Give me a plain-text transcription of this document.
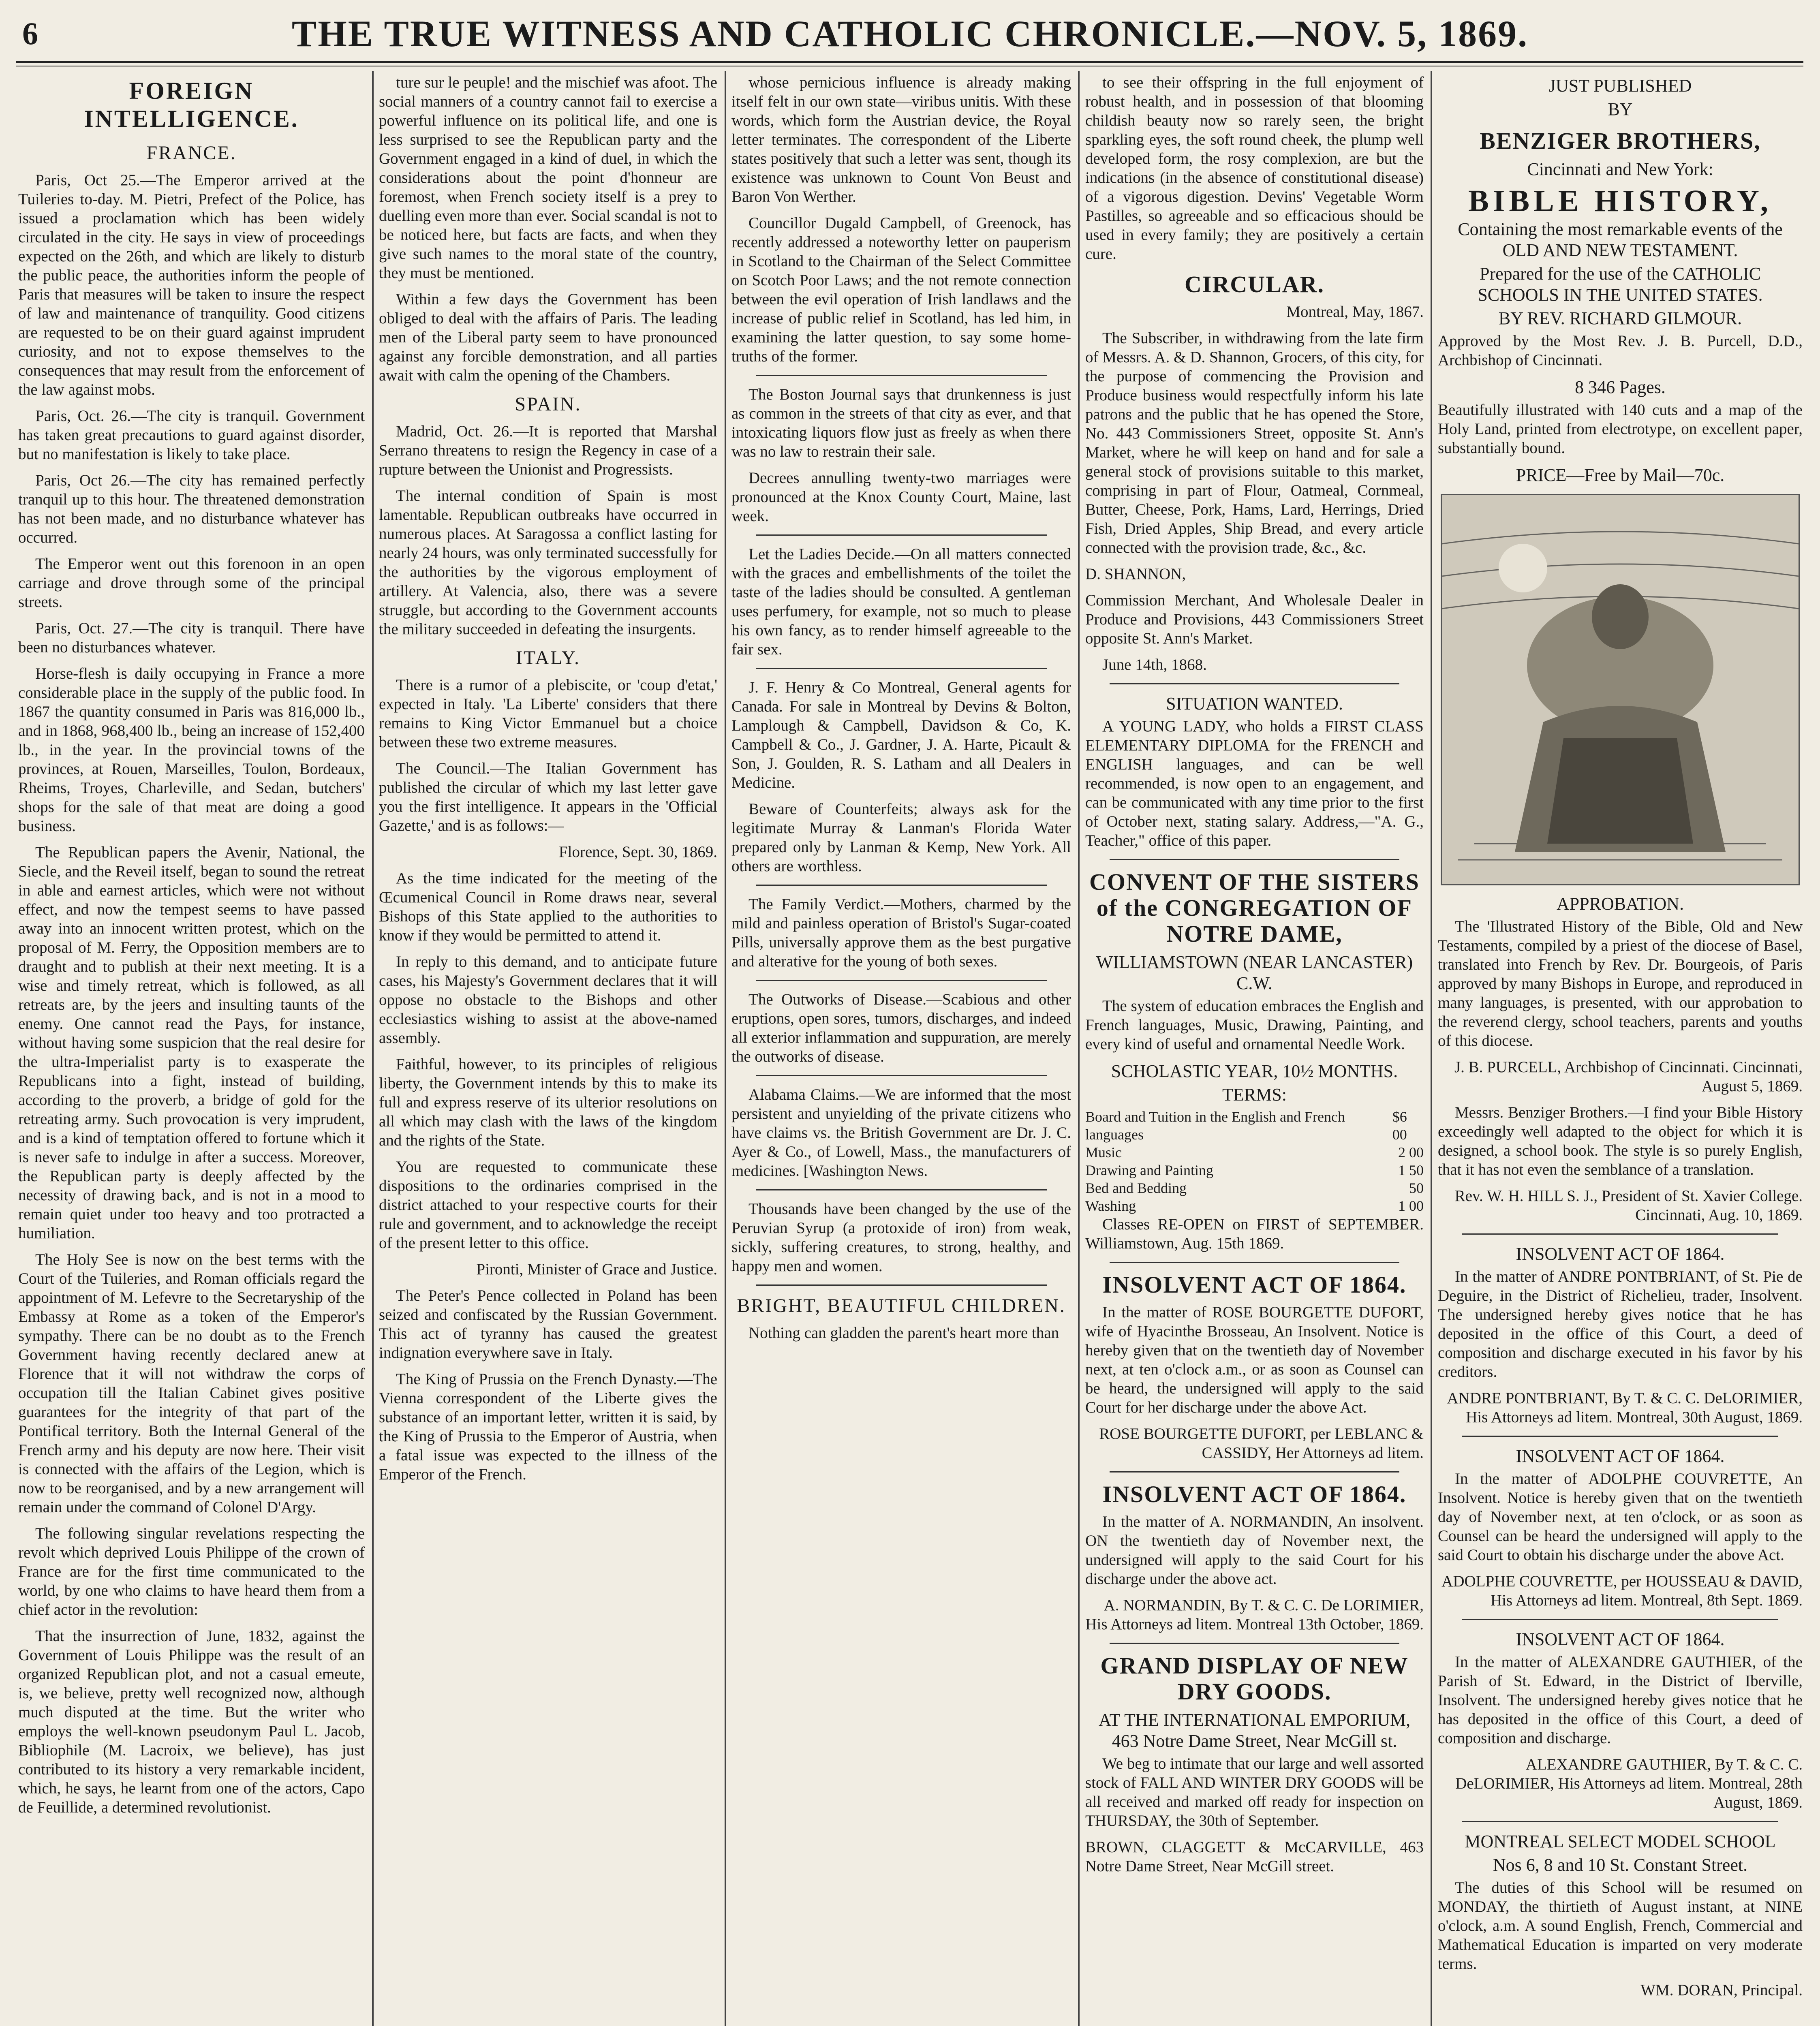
6	THE TRUE WITNESS AND CATHOLIC CHRONICLE.—NOV. 5, 1869.
FOREIGN INTELLIGENCE.
FRANCE.

Paris, Oct 25.—The Emperor arrived at the Tuileries to-day. M. Pietri, Prefect of the Police, has issued a proclamation which has been widely circulated in the city. He says in view of proceedings expected on the 26th, and which are likely to disturb the public peace, the authorities inform the people of Paris that measures will be taken to insure the respect of law and maintenance of tranquility. Good citizens are requested to be on their guard against imprudent curiosity, and not to expose themselves to the consequences that may result from the enforcement of the law against mobs.

Paris, Oct. 26.—The city is tranquil. Government has taken great precautions to guard against disorder, but no manifestation is likely to take place.

Paris, Oct 26.—The city has remained perfectly tranquil up to this hour. The threatened demonstration has not been made, and no disturbance whatever has occurred.

The Emperor went out this forenoon in an open carriage and drove through some of the principal streets.

Paris, Oct. 27.—The city is tranquil. There have been no disturbances whatever.

Horse-flesh is daily occupying in France a more considerable place in the supply of the public food. In 1867 the quantity consumed in Paris was 816,000 lb., and in 1868, 968,400 lb., being an increase of 152,400 lb., in the year. In the provincial towns of the provinces, at Rouen, Marseilles, Toulon, Bordeaux, Rheims, Troyes, Charleville, and Sedan, butchers' shops for the sale of that meat are doing a good business.

The Republican papers the Avenir, National, the Siecle, and the Reveil itself, began to sound the retreat in able and earnest articles, which were not without effect, and now the tempest seems to have passed away into an innocent written protest, which on the proposal of M. Ferry, the Opposition members are to draught and to publish at their next meeting. It is a wise and timely retreat, which is followed, as all retreats are, by the jeers and insulting taunts of the enemy. One cannot read the Pays, for instance, without having some suspicion that the real desire for the ultra-Imperialist party is to exasperate the Republicans into a fight, instead of building, according to the proverb, a bridge of gold for the retreating army. Such provocation is very imprudent, and is a kind of temptation offered to fortune which it is never safe to indulge in after a success. Moreover, the Republican party is deeply affected by the necessity of drawing back, and is not in a mood to remain quiet under too heavy and too protracted a humiliation.

The Holy See is now on the best terms with the Court of the Tuileries, and Roman officials regard the appointment of M. Lefevre to the Secretaryship of the Embassy at Rome as a token of the Emperor's sympathy. There can be no doubt as to the French Government having recently declared anew at Florence that it will not withdraw the corps of occupation till the Italian Cabinet gives positive guarantees for the integrity of that part of the Pontifical territory. Both the Internal General of the French army and his deputy are now here. Their visit is connected with the affairs of the Legion, which is now to be reorganised, and by a new arrangement will remain under the command of Colonel D'Argy.

The following singular revelations respecting the revolt which deprived Louis Philippe of the crown of France are for the first time communicated to the world, by one who claims to have heard them from a chief actor in the revolution:

That the insurrection of June, 1832, against the Government of Louis Philippe was the result of an organized Republican plot, and not a casual emeute, is, we believe, pretty well recognized now, although much disputed at the time. But the writer who employs the well-known pseudonym Paul L. Jacob, Bibliophile (M. Lacroix, we believe), has just contributed to its history a very remarkable incident, which, he says, he learnt from one of the actors, Capo de Feuillide, a determined revolutionist.

ture sur le peuple! and the mischief was afoot. The social manners of a country cannot fail to exercise a powerful influence on its political life, and one is less surprised to see the Republican party and the Government engaged in a kind of duel, in which the considerations about the point d'honneur are foremost, when French society itself is a prey to duelling even more than ever. Social scandal is not to be noticed here, but facts are facts, and when they give such names to the moral state of the country, they must be mentioned.

Within a few days the Government has been obliged to deal with the affairs of Paris. The leading men of the Liberal party seem to have pronounced against any forcible demonstration, and all parties await with calm the opening of the Chambers.

SPAIN.

Madrid, Oct. 26.—It is reported that Marshal Serrano threatens to resign the Regency in case of a rupture between the Unionist and Progressists.

The internal condition of Spain is most lamentable. Republican outbreaks have occurred in numerous places. At Saragossa a conflict lasting for nearly 24 hours, was only terminated successfully for the authorities by the vigorous employment of artillery. At Valencia, also, there was a severe struggle, but according to the Government accounts the military succeeded in defeating the insurgents.

ITALY.

There is a rumor of a plebiscite, or 'coup d'etat,' expected in Italy. 'La Liberte' considers that there remains to King Victor Emmanuel but a choice between these two extreme measures.

The Council.—The Italian Government has published the circular of which my last letter gave you the first intelligence. It appears in the 'Official Gazette,' and is as follows:—

Florence, Sept. 30, 1869.

As the time indicated for the meeting of the Œcumenical Council in Rome draws near, several Bishops of this State applied to the authorities to know if they would be permitted to attend it.

In reply to this demand, and to anticipate future cases, his Majesty's Government declares that it will oppose no obstacle to the Bishops and other ecclesiastics wishing to assist at the above-named assembly.

Faithful, however, to its principles of religious liberty, the Government intends by this to make its full and express reserve of its ulterior resolutions on all which may clash with the laws of the kingdom and the rights of the State.

You are requested to communicate these dispositions to the ordinaries comprised in the district attached to your respective courts for their rule and government, and to acknowledge the receipt of the present letter to this office.

Pironti, Minister of Grace and Justice.

The Peter's Pence collected in Poland has been seized and confiscated by the Russian Government. This act of tyranny has caused the greatest indignation everywhere save in Italy.

The King of Prussia on the French Dynasty.—The Vienna correspondent of the Liberte gives the substance of an important letter, written it is said, by the King of Prussia to the Emperor of Austria, when a fatal issue was expected to the illness of the Emperor of the French.

whose pernicious influence is already making itself felt in our own state—viribus unitis. With these words, which form the Austrian device, the Royal letter terminates. The correspondent of the Liberte states positively that such a letter was sent, though its existence was unknown to Count Von Beust and Baron Von Werther.

Councillor Dugald Campbell, of Greenock, has recently addressed a noteworthy letter on pauperism in Scotland to the Chairman of the Select Committee on Scotch Poor Laws; and the not remote connection between the evil operation of Irish landlaws and the increase of public relief in Scotland, has led him, in examining the latter question, to say some home-truths of the former.

The Boston Journal says that drunkenness is just as common in the streets of that city as ever, and that intoxicating liquors flow just as freely as when there was no law to restrain their sale.

Decrees annulling twenty-two marriages were pronounced at the Knox County Court, Maine, last week.

Let the Ladies Decide.—On all matters connected with the graces and embellishments of the toilet the taste of the ladies should be consulted. A gentleman uses perfumery, for example, not so much to please his own fancy, as to render himself agreeable to the fair sex.

J. F. Henry & Co Montreal, General agents for Canada. For sale in Montreal by Devins & Bolton, Lamplough & Campbell, Davidson & Co, K. Campbell & Co., J. Gardner, J. A. Harte, Picault & Son, J. Goulden, R. S. Latham and all Dealers in Medicine.

Beware of Counterfeits; always ask for the legitimate Murray & Lanman's Florida Water prepared only by Lanman & Kemp, New York. All others are worthless.

The Family Verdict.—Mothers, charmed by the mild and painless operation of Bristol's Sugar-coated Pills, universally approve them as the best purgative and alterative for the young of both sexes.

The Outworks of Disease.—Scabious and other eruptions, open sores, tumors, discharges, and indeed all exterior inflammation and suppuration, are merely the outworks of disease.

Alabama Claims.—We are informed that the most persistent and unyielding of the private citizens who have claims vs. the British Government are Dr. J. C. Ayer & Co., of Lowell, Mass., the manufacturers of medicines. [Washington News.

Thousands have been changed by the use of the Peruvian Syrup (a protoxide of iron) from weak, sickly, suffering creatures, to strong, healthy, and happy men and women.

BRIGHT, BEAUTIFUL CHILDREN.

Nothing can gladden the parent's heart more than

to see their offspring in the full enjoyment of robust health, and in possession of that blooming childish beauty now so rarely seen, the bright sparkling eyes, the soft round cheek, the plump well developed form, the rosy complexion, are but the indications (in the absence of constitutional disease) of a vigorous digestion. Devins' Vegetable Worm Pastilles, so agreeable and so efficacious should be used in every family; they are positively a certain cure.

CIRCULAR.

Montreal, May, 1867.

The Subscriber, in withdrawing from the late firm of Messrs. A. & D. Shannon, Grocers, of this city, for the purpose of commencing the Provision and Produce business would respectfully inform his late patrons and the public that he has opened the Store, No. 443 Commissioners Street, opposite St. Ann's Market, where he will keep on hand and for sale a general stock of provisions suitable to this market, comprising in part of Flour, Oatmeal, Cornmeal, Butter, Cheese, Pork, Hams, Lard, Herrings, Dried Fish, Dried Apples, Ship Bread, and every article connected with the provision trade, &c., &c.

D. SHANNON,

Commission Merchant, And Wholesale Dealer in Produce and Provisions, 443 Commissioners Street opposite St. Ann's Market.

June 14th, 1868.

SITUATION WANTED.

A YOUNG LADY, who holds a FIRST CLASS ELEMENTARY DIPLOMA for the FRENCH and ENGLISH languages, and can be well recommended, is now open to an engagement, and can be communicated with any time prior to the first of October next, stating salary. Address,—"A. G., Teacher," office of this paper.

CONVENT OF THE SISTERS of the CONGREGATION OF NOTRE DAME,
WILLIAMSTOWN (NEAR LANCASTER) C.W.

The system of education embraces the English and French languages, Music, Drawing, Painting, and every kind of useful and ornamental Needle Work.

SCHOLASTIC YEAR, 10½ MONTHS.
TERMS:
Board and Tuition in the English and French languages
$6 00
Music	2 00
Drawing and Painting	1 50
Bed and Bedding	50
Washing	1 00

Classes RE-OPEN on FIRST of SEPTEMBER. Williamstown, Aug. 15th 1869.

INSOLVENT ACT OF 1864.

In the matter of ROSE BOURGETTE DUFORT, wife of Hyacinthe Brosseau, An Insolvent. Notice is hereby given that on the twentieth day of November next, at ten o'clock a.m., or as soon as Counsel can be heard, the undersigned will apply to the said Court for her discharge under the above Act.

ROSE BOURGETTE DUFORT, per LEBLANC & CASSIDY, Her Attorneys ad litem.

INSOLVENT ACT OF 1864.

In the matter of A. NORMANDIN, An insolvent. ON the twentieth day of November next, the undersigned will apply to the said Court for his discharge under the above act.

A. NORMANDIN, By T. & C. C. De LORIMIER, His Attorneys ad litem. Montreal 13th October, 1869.

GRAND DISPLAY OF NEW DRY GOODS.
AT THE INTERNATIONAL EMPORIUM, 463 Notre Dame Street, Near McGill st.

We beg to intimate that our large and well assorted stock of FALL AND WINTER DRY GOODS will be all received and marked off ready for inspection on THURSDAY, the 30th of September.

BROWN, CLAGGETT & McCARVILLE, 463 Notre Dame Street, Near McGill street.

JUST PUBLISHED
BY
BENZIGER BROTHERS,
Cincinnati and New York:
BIBLE HISTORY,
Containing the most remarkable events of the OLD AND NEW TESTAMENT.
Prepared for the use of the CATHOLIC SCHOOLS IN THE UNITED STATES.
BY REV. RICHARD GILMOUR.

Approved by the Most Rev. J. B. Purcell, D.D., Archbishop of Cincinnati.

8 346 Pages.

Beautifully illustrated with 140 cuts and a map of the Holy Land, printed from electrotype, on excellent paper, substantially bound.

PRICE—Free by Mail—70c.
APPROBATION.

The 'Illustrated History of the Bible, Old and New Testaments, compiled by a priest of the diocese of Basel, translated into French by Rev. Dr. Bourgeois, of Paris approved by many Bishops in Europe, and reproduced in many languages, is presented, with our approbation to the reverend clergy, school teachers, parents and youths of this diocese.

J. B. PURCELL, Archbishop of Cincinnati. Cincinnati, August 5, 1869.

Messrs. Benziger Brothers.—I find your Bible History exceedingly well adapted to the object for which it is designed, a school book. The style is so purely English, that it has not even the semblance of a translation.

Rev. W. H. HILL S. J., President of St. Xavier College. Cincinnati, Aug. 10, 1869.

INSOLVENT ACT OF 1864.

In the matter of ANDRE PONTBRIANT, of St. Pie de Deguire, in the District of Richelieu, trader, Insolvent. The undersigned hereby gives notice that he has deposited in the office of this Court, a deed of composition and discharge executed in his favor by his creditors.

ANDRE PONTBRIANT, By T. & C. C. DeLORIMIER, His Attorneys ad litem. Montreal, 30th August, 1869.

INSOLVENT ACT OF 1864.

In the matter of ADOLPHE COUVRETTE, An Insolvent. Notice is hereby given that on the twentieth day of November next, at ten o'clock, or as soon as Counsel can be heard the undersigned will apply to the said Court to obtain his discharge under the above Act.

ADOLPHE COUVRETTE, per HOUSSEAU & DAVID, His Attorneys ad litem. Montreal, 8th Sept. 1869.

INSOLVENT ACT OF 1864.

In the matter of ALEXANDRE GAUTHIER, of the Parish of St. Edward, in the District of Iberville, Insolvent. The undersigned hereby gives notice that he has deposited in the office of this Court, a deed of composition and discharge.

ALEXANDRE GAUTHIER, By T. & C. C. DeLORIMIER, His Attorneys ad litem. Montreal, 28th August, 1869.

MONTREAL SELECT MODEL SCHOOL
Nos 6, 8 and 10 St. Constant Street.

The duties of this School will be resumed on MONDAY, the thirtieth of August instant, at NINE o'clock, a.m. A sound English, French, Commercial and Mathematical Education is imparted on very moderate terms.

WM. DORAN, Principal.
